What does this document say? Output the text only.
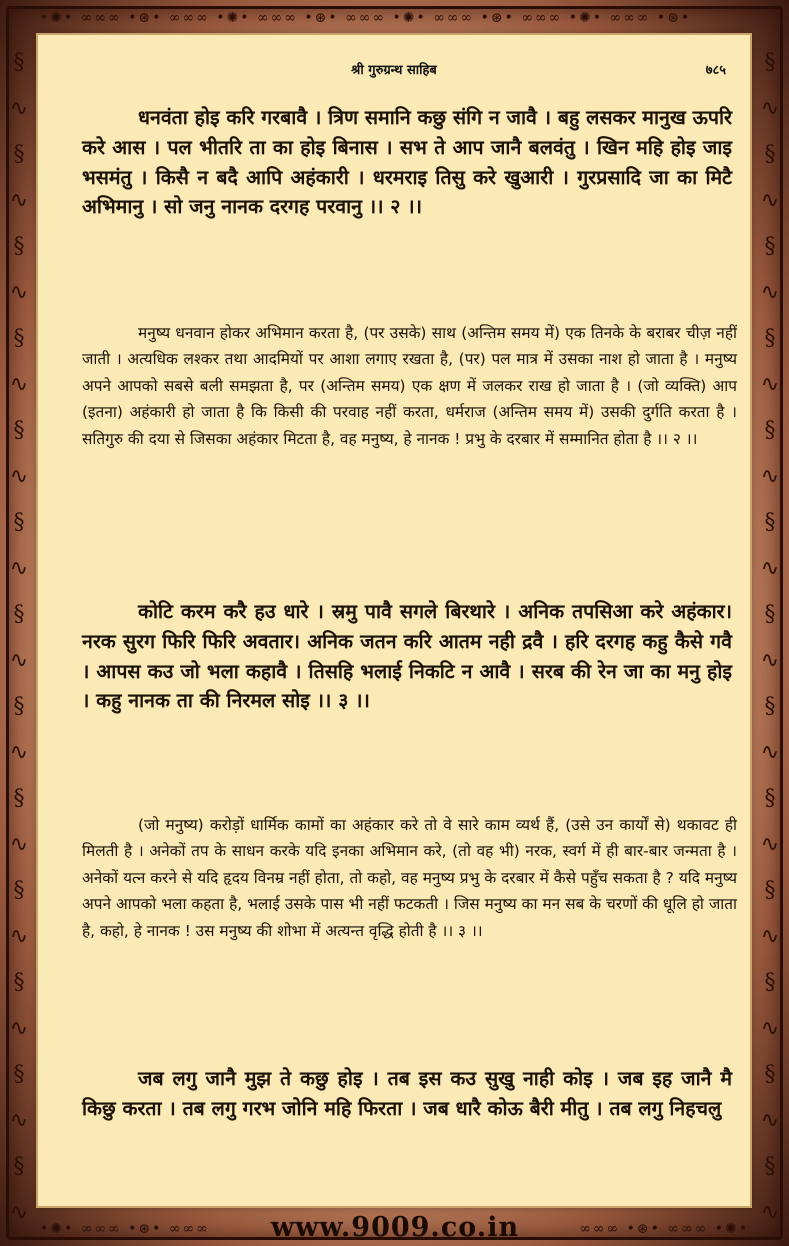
•✺• ∞∞∞ •⊛• ∞∞∞ •✺• ∞∞∞ •⊛• ∞∞∞ •✺• ∞∞∞ •⊛• ∞∞∞ •✺• ∞∞∞ •⊛•
§
∿
§
∿
§
∿
§
∿
§
∿
§
∿
§
∿
§
∿
§
∿
§
∿
§
∿
§
∿
§
∿
§
∿
§
∿
§
∿
§
∿
§
∿
§
∿
§
∿
§
∿
§
∿
§
∿
§
∿
§
∿
§
∿
•✺• ∞∞∞ •⊛• ∞∞∞	∞∞∞ •⊛• ∞∞∞ •✺•
श्री गुरुग्रन्थ साहिब	७८५
धनवंता होइ करि गरबावै । त्रिण समानि कछु संगि न जावै । बहु लसकर मानुख ऊपरि करे आस । पल भीतरि ता का होइ बिनास । सभ ते आप जानै बलवंतु । खिन महि होइ जाइ भसमंतु । किसै न बदै आपि अहंकारी । धरमराइ तिसु करे खुआरी । गुरप्रसादि जा का मिटै अभिमानु । सो जनु नानक दरगह परवानु ।। २ ।।
मनुष्य धनवान होकर अभिमान करता है, (पर उसके) साथ (अन्तिम समय में) एक तिनके के बराबर चीज़ नहीं जाती । अत्यधिक लश्कर तथा आदमियों पर आशा लगाए रखता है, (पर) पल मात्र में उसका नाश हो जाता है । मनुष्य अपने आपको सबसे बली समझता है, पर (अन्तिम समय) एक क्षण में जलकर राख हो जाता है । (जो व्यक्ति) आप (इतना) अहंकारी हो जाता है कि किसी की परवाह नहीं करता, धर्मराज (अन्तिम समय में) उसकी दुर्गति करता है । सतिगुरु की दया से जिसका अहंकार मिटता है, वह मनुष्य, हे नानक ! प्रभु के दरबार में सम्मानित होता है ।। २ ।।
कोटि करम करै हउ धारे । स्रमु पावै सगले बिरथारे । अनिक तपसिआ करे अहंकार। नरक सुरग फिरि फिरि अवतार। अनिक जतन करि आतम नही द्रवै । हरि दरगह कहु कैसे गवै । आपस कउ जो भला कहावै । तिसहि भलाई निकटि न आवै । सरब की रेन जा का मनु होइ । कहु नानक ता की निरमल सोइ ।। ३ ।।
(जो मनुष्य) करोड़ों धार्मिक कामों का अहंकार करे तो वे सारे काम व्यर्थ हैं, (उसे उन कार्यों से) थकावट ही मिलती है । अनेकों तप के साधन करके यदि इनका अभिमान करे, (तो वह भी) नरक, स्वर्ग में ही बार-बार जन्मता है । अनेकों यत्न करने से यदि हृदय विनम्र नहीं होता, तो कहो, वह मनुष्य प्रभु के दरबार में कैसे पहुँच सकता है ? यदि मनुष्य अपने आपको भला कहता है, भलाई उसके पास भी नहीं फटकती । जिस मनुष्य का मन सब के चरणों की धूलि हो जाता है, कहो, हे नानक ! उस मनुष्य की शोभा में अत्यन्त वृद्धि होती है ।। ३ ।।
जब लगु जानै मुझ ते कछु होइ । तब इस कउ सुखु नाही कोइ । जब इह जानै मै किछु करता । तब लगु गरभ जोनि महि फिरता । जब धारै कोऊ बैरी मीतु । तब लगु निहचलु
www.9009.co.in
